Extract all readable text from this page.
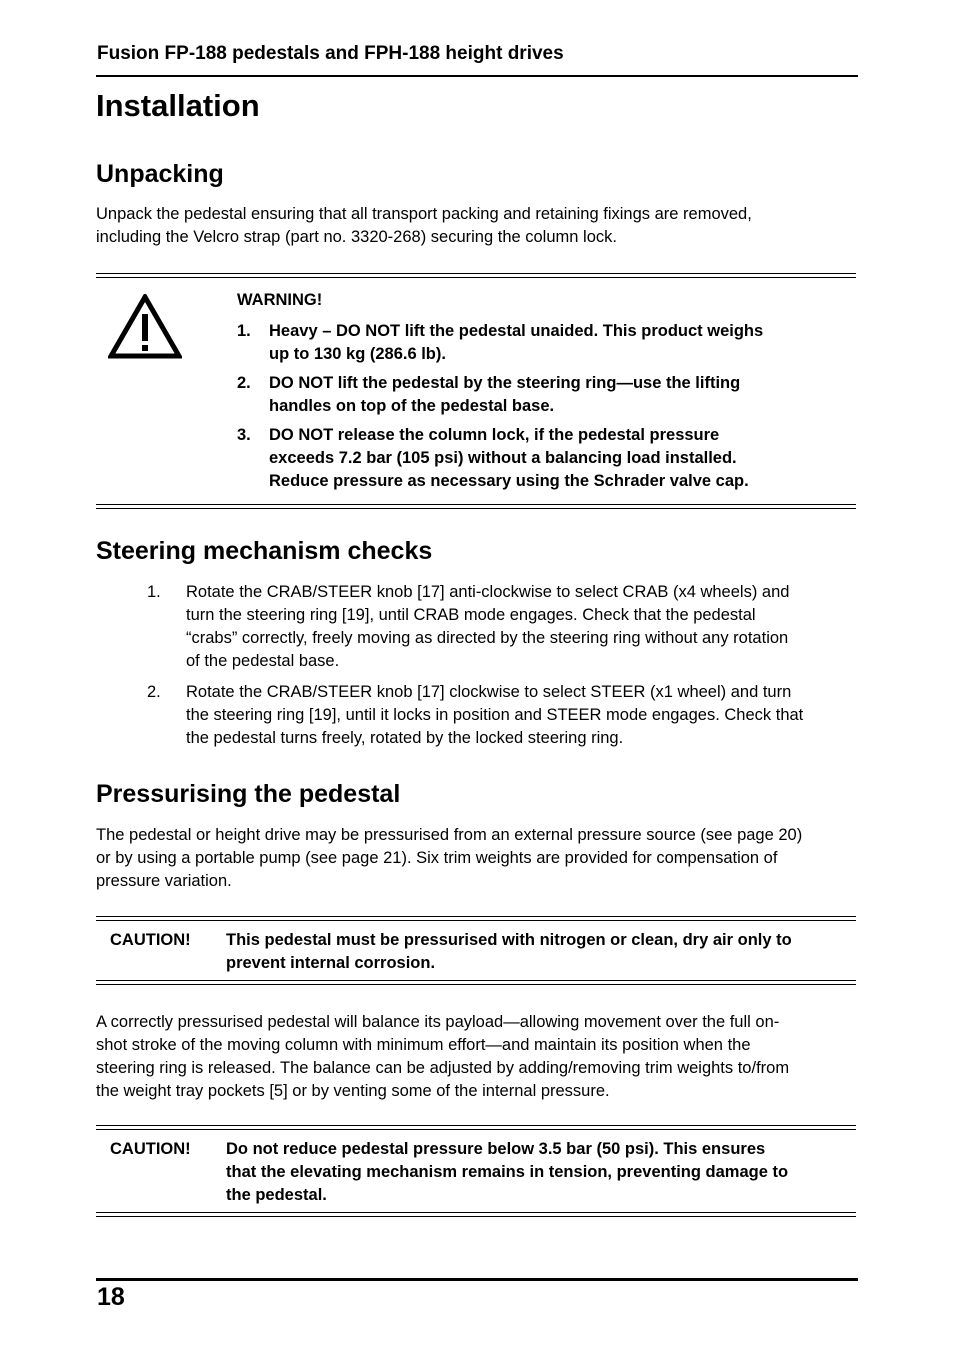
Fusion FP-188 pedestals and FPH-188 height drives
Installation
Unpacking
Unpack the pedestal ensuring that all transport packing and retaining fixings are removed,
including the Velcro strap (part no. 3320-268) securing the column lock.
WARNING!
1. Heavy – DO NOT lift the pedestal unaided. This product weighs
up to 130 kg (286.6 lb).
2. DO NOT lift the pedestal by the steering ring—use the lifting
handles on top of the pedestal base.
3. DO NOT release the column lock, if the pedestal pressure
exceeds 7.2 bar (105 psi) without a balancing load installed.
Reduce pressure as necessary using the Schrader valve cap.
Steering mechanism checks
1. Rotate the CRAB/STEER knob [17] anti-clockwise to select CRAB (x4 wheels) and
turn the steering ring [19], until CRAB mode engages. Check that the pedestal
“crabs” correctly, freely moving as directed by the steering ring without any rotation
of the pedestal base.
2. Rotate the CRAB/STEER knob [17] clockwise to select STEER (x1 wheel) and turn
the steering ring [19], until it locks in position and STEER mode engages. Check that
the pedestal turns freely, rotated by the locked steering ring.
Pressurising the pedestal
The pedestal or height drive may be pressurised from an external pressure source (see page 20)
or by using a portable pump (see page 21). Six trim weights are provided for compensation of
pressure variation.
CAUTION! This pedestal must be pressurised with nitrogen or clean, dry air only to
prevent internal corrosion.
A correctly pressurised pedestal will balance its payload—allowing movement over the full on-
shot stroke of the moving column with minimum effort—and maintain its position when the
steering ring is released. The balance can be adjusted by adding/removing trim weights to/from
the weight tray pockets [5] or by venting some of the internal pressure.
CAUTION! Do not reduce pedestal pressure below 3.5 bar (50 psi). This ensures
that the elevating mechanism remains in tension, preventing damage to
the pedestal.
18
